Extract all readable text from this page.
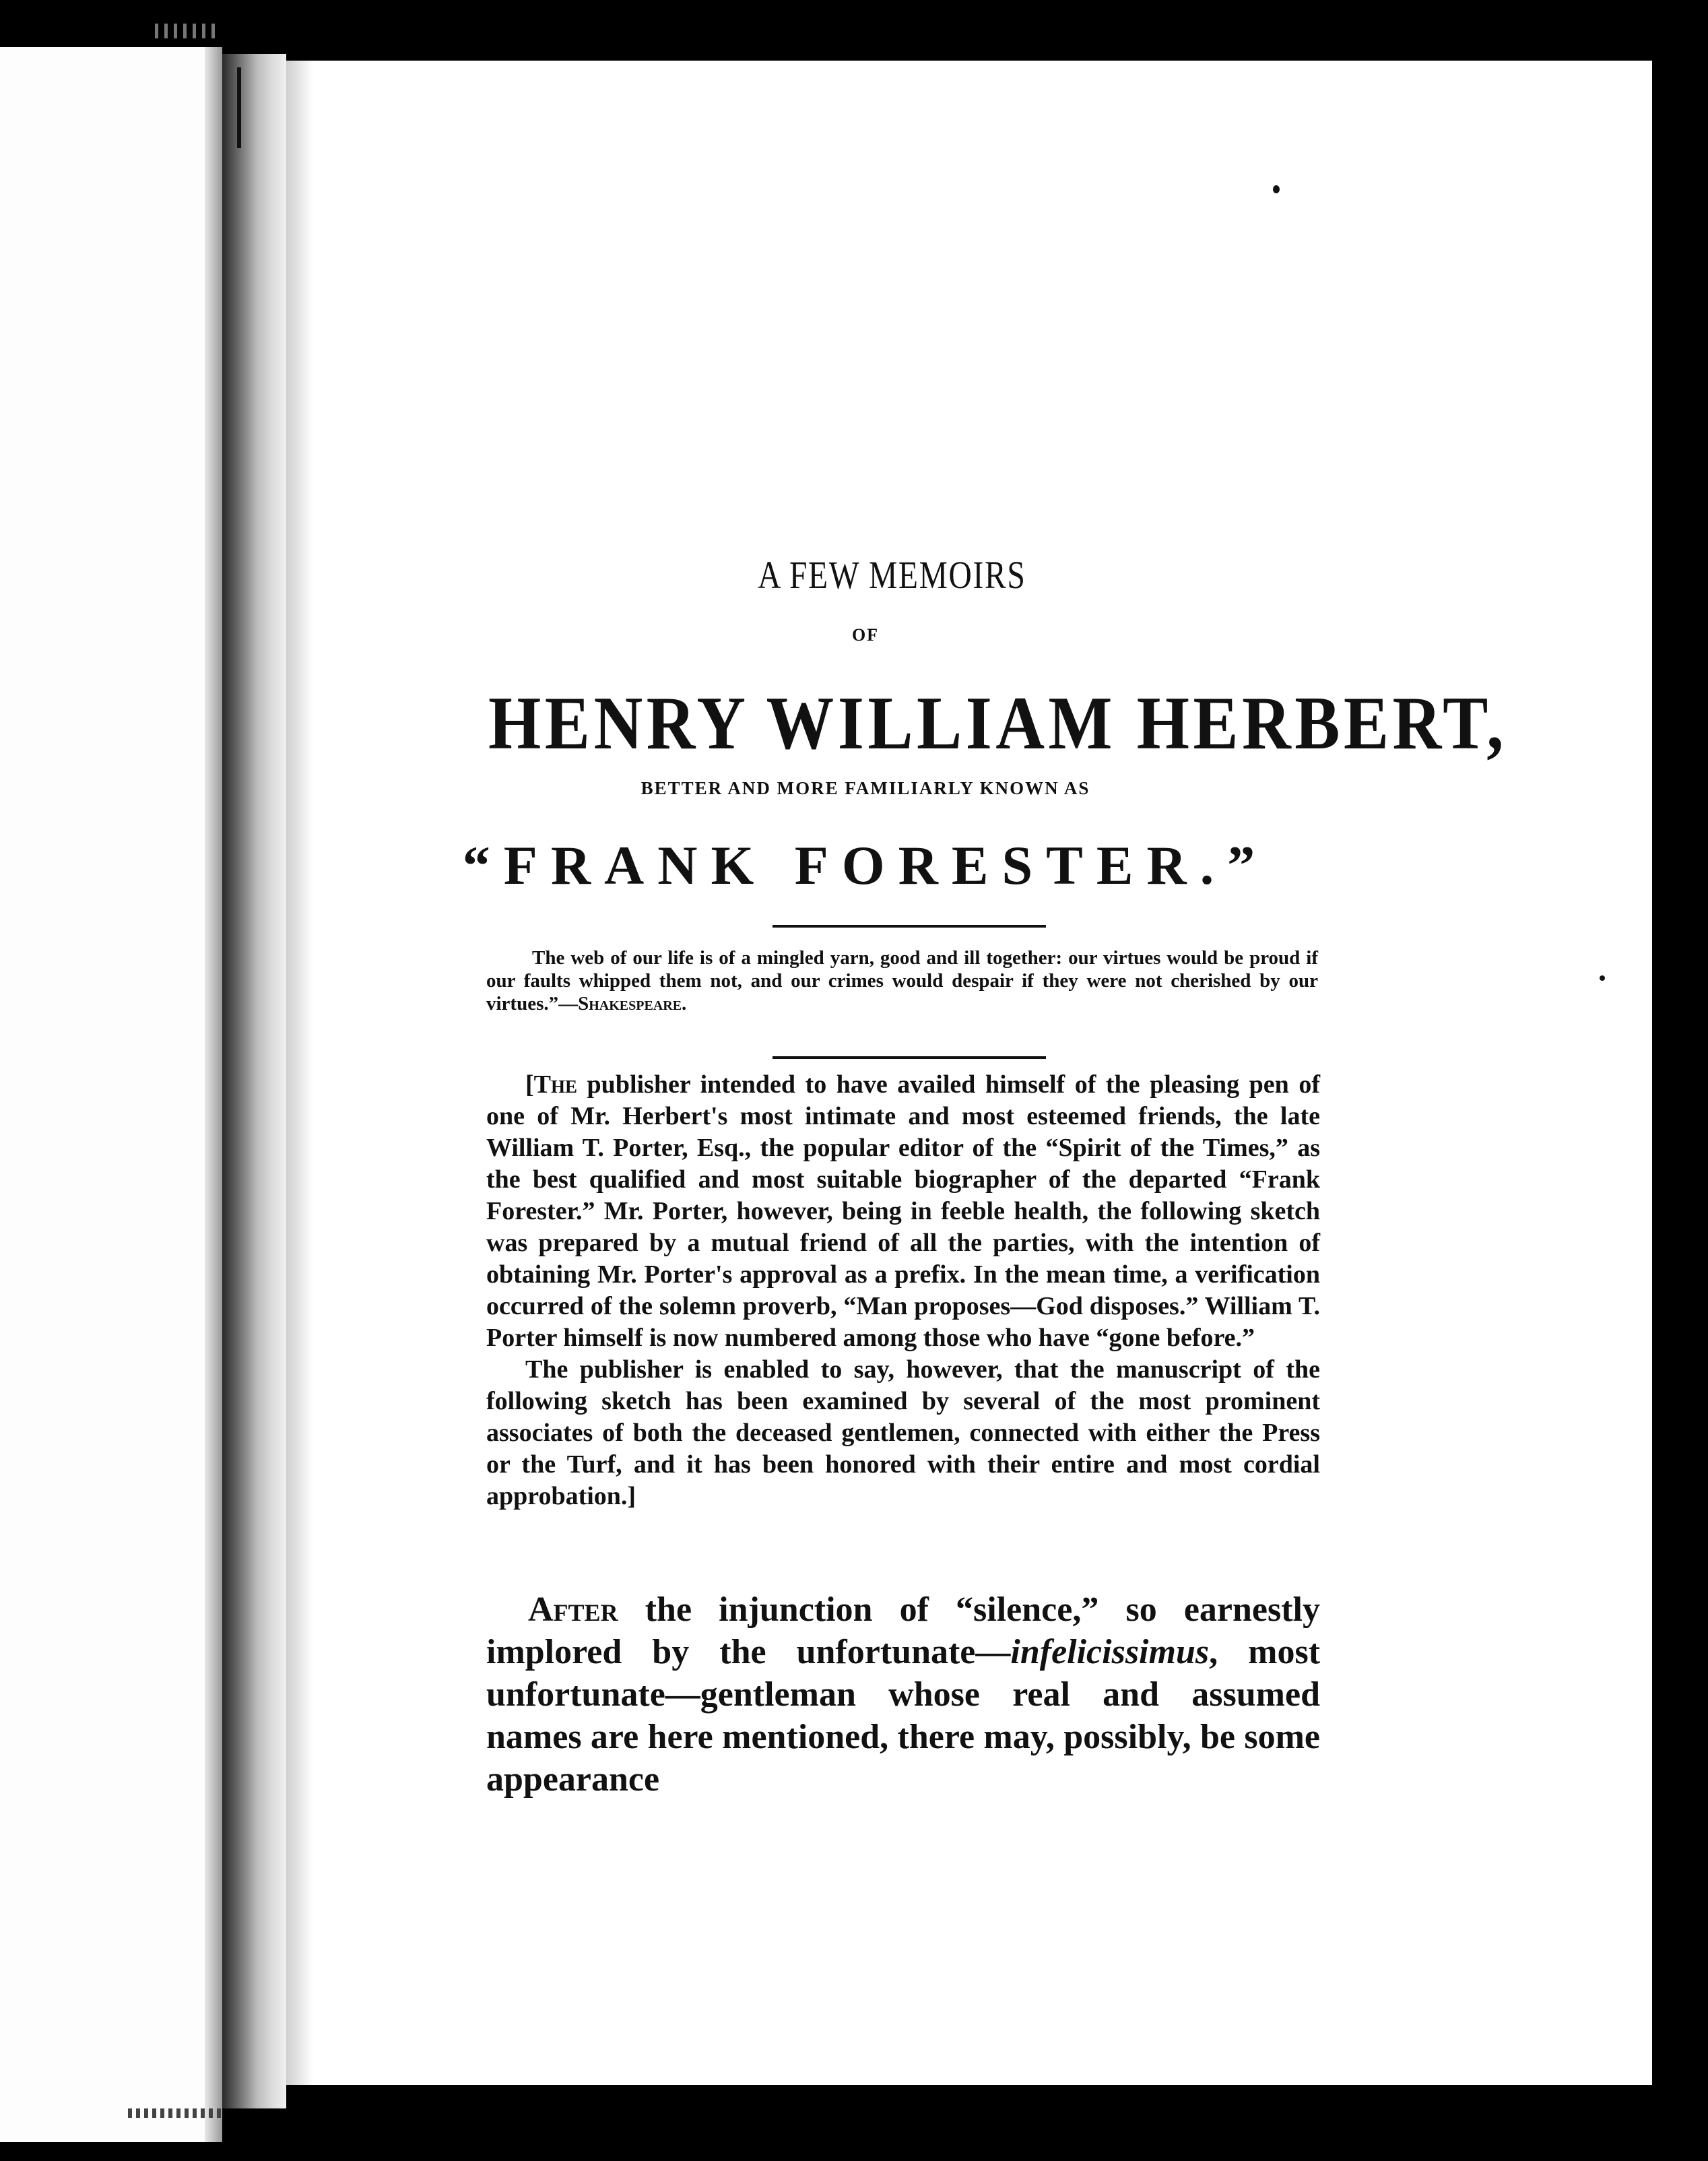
A FEW MEMOIRS
OF
HENRY WILLIAM HERBERT,
BETTER AND MORE FAMILIARLY KNOWN AS
“FRANK FORESTER.”
The web of our life is of a mingled yarn, good and ill together: our virtues would be proud if our faults whipped them not, and our crimes would despair if they were not cherished by our virtues.”—Shakespeare.

[The publisher intended to have availed himself of the pleasing pen of one of Mr. Herbert's most intimate and most esteemed friends, the late William T. Porter, Esq., the popular editor of the “Spirit of the Times,” as the best qualified and most suitable biographer of the departed “Frank Forester.” Mr. Porter, however, being in feeble health, the following sketch was prepared by a mutual friend of all the parties, with the intention of obtaining Mr. Porter's approval as a prefix. In the mean time, a verification occurred of the solemn proverb, “Man proposes—God disposes.” William T. Porter himself is now numbered among those who have “gone before.”

The publisher is enabled to say, however, that the manuscript of the following sketch has been examined by several of the most prominent associates of both the deceased gentlemen, connected with either the Press or the Turf, and it has been honored with their entire and most cordial approbation.]

After the injunction of “silence,” so earnestly implored by the unfortunate—infelicissimus, most unfortunate—gentleman whose real and assumed names are here mentioned, there may, possibly, be some appearance
